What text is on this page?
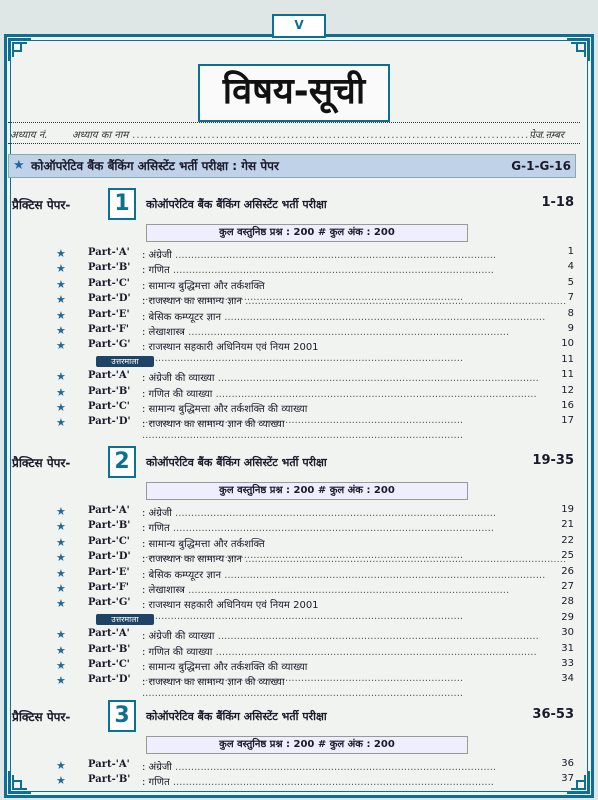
V
विषय-सूची
अध्याय नं. अध्याय का नाम .....	पेज नम्बर
★ कोऑपरेटिव बैंक बैंकिंग असिस्टेंट भर्ती परीक्षा : गेस पेपर	G-1-G-16
प्रैक्टिस पेपर- 1	कोऑपरेटिव बैंक बैंकिंग असिस्टेंट भर्ती परीक्षा	1-18
कुल वस्तुनिष्ठ प्रश्न : 200 # कुल अंक : 200
★ Part-'A' : अंग्रेजी .....	1
★ Part-'B' : गणित .....	4
★ Part-'C' : सामान्य बुद्धिमत्ता और तर्कशक्ति .....	5
★ Part-'D' : राजस्थान का सामान्य ज्ञान .....	7
★ Part-'E' : बेसिक कम्प्यूटर ज्ञान .....	8
★ Part-'F' : लेखाशास्त्र .....	9
★ Part-'G' : राजस्थान सहकारी अधिनियम एवं नियम 2001 .....	10
उत्तरमाला	11
★ Part-'A' : अंग्रेजी की व्याख्या .....	11
★ Part-'B' : गणित की व्याख्या .....	12
★ Part-'C' : सामान्य बुद्धिमत्ता और तर्कशक्ति की व्याख्या .....	16
★ Part-'D' : राजस्थान का सामान्य ज्ञान की व्याख्या .....	17
प्रैक्टिस पेपर- 2	कोऑपरेटिव बैंक बैंकिंग असिस्टेंट भर्ती परीक्षा	19-35
कुल वस्तुनिष्ठ प्रश्न : 200 # कुल अंक : 200
★ Part-'A' : अंग्रेजी .....	19
★ Part-'B' : गणित .....	21
★ Part-'C' : सामान्य बुद्धिमत्ता और तर्कशक्ति .....	22
★ Part-'D' : राजस्थान का सामान्य ज्ञान .....	25
★ Part-'E' : बेसिक कम्प्यूटर ज्ञान .....	26
★ Part-'F' : लेखाशास्त्र .....	27
★ Part-'G' : राजस्थान सहकारी अधिनियम एवं नियम 2001 .....	28
उत्तरमाला	29
★ Part-'A' : अंग्रेजी की व्याख्या .....	30
★ Part-'B' : गणित की व्याख्या .....	31
★ Part-'C' : सामान्य बुद्धिमत्ता और तर्कशक्ति की व्याख्या .....	33
★ Part-'D' : राजस्थान का सामान्य ज्ञान की व्याख्या .....	34
प्रैक्टिस पेपर- 3	कोऑपरेटिव बैंक बैंकिंग असिस्टेंट भर्ती परीक्षा	36-53
कुल वस्तुनिष्ठ प्रश्न : 200 # कुल अंक : 200
★ Part-'A' : अंग्रेजी .....	36
★ Part-'B' : गणित .....	37
